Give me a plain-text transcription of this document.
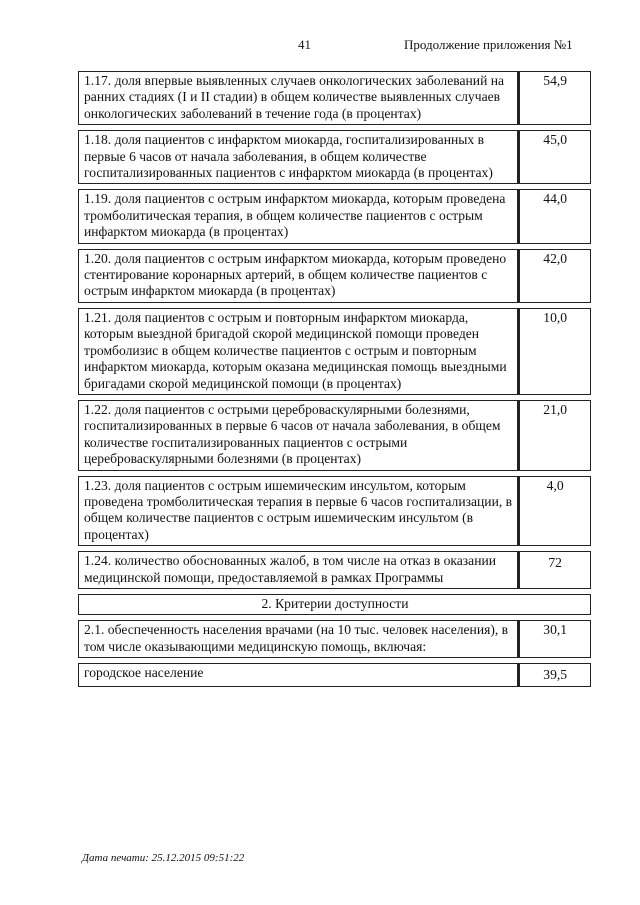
41	Продолжение приложения №1
1.17. доля впервые выявленных случаев онкологических заболеваний на ранних стадиях (I и II стадии) в общем количестве выявленных случаев онкологических заболеваний в течение года (в процентах)	54,9
1.18. доля пациентов с инфарктом миокарда, госпитализированных в первые 6 часов от начала заболевания, в общем количестве госпитализированных пациентов с инфарктом миокарда (в процентах)	45,0
1.19. доля пациентов с острым инфарктом миокарда, которым проведена тромболитическая терапия, в общем количестве пациентов с острым инфарктом миокарда (в процентах)	44,0
1.20. доля пациентов с острым инфарктом миокарда, которым проведено стентирование коронарных артерий, в общем количестве пациентов с острым инфарктом миокарда (в процентах)	42,0
1.21. доля пациентов с острым и повторным инфарктом миокарда, которым выездной бригадой скорой медицинской помощи проведен тромболизис в общем количестве пациентов с острым и повторным инфарктом миокарда, которым оказана медицинская помощь выездными бригадами скорой медицинской помощи (в процентах)	10,0
1.22. доля пациентов с острыми цереброваскулярными болезнями, госпитализированных в первые 6 часов от начала заболевания, в общем количестве госпитализированных пациентов с острыми цереброваскулярными болезнями (в процентах)	21,0
1.23. доля пациентов с острым ишемическим инсультом, которым проведена тромболитическая терапия в первые 6 часов госпитализации, в общем количестве пациентов с острым ишемическим инсультом (в процентах)	4,0
1.24. количество обоснованных жалоб, в том числе на отказ в оказании медицинской помощи, предоставляемой в рамках Программы	72
2. Критерии доступности	
2.1. обеспеченность населения врачами (на 10 тыс. человек населения), в том числе оказывающими медицинскую помощь, включая:	30,1
городское население	39,5
Дата печати: 25.12.2015 09:51:22
